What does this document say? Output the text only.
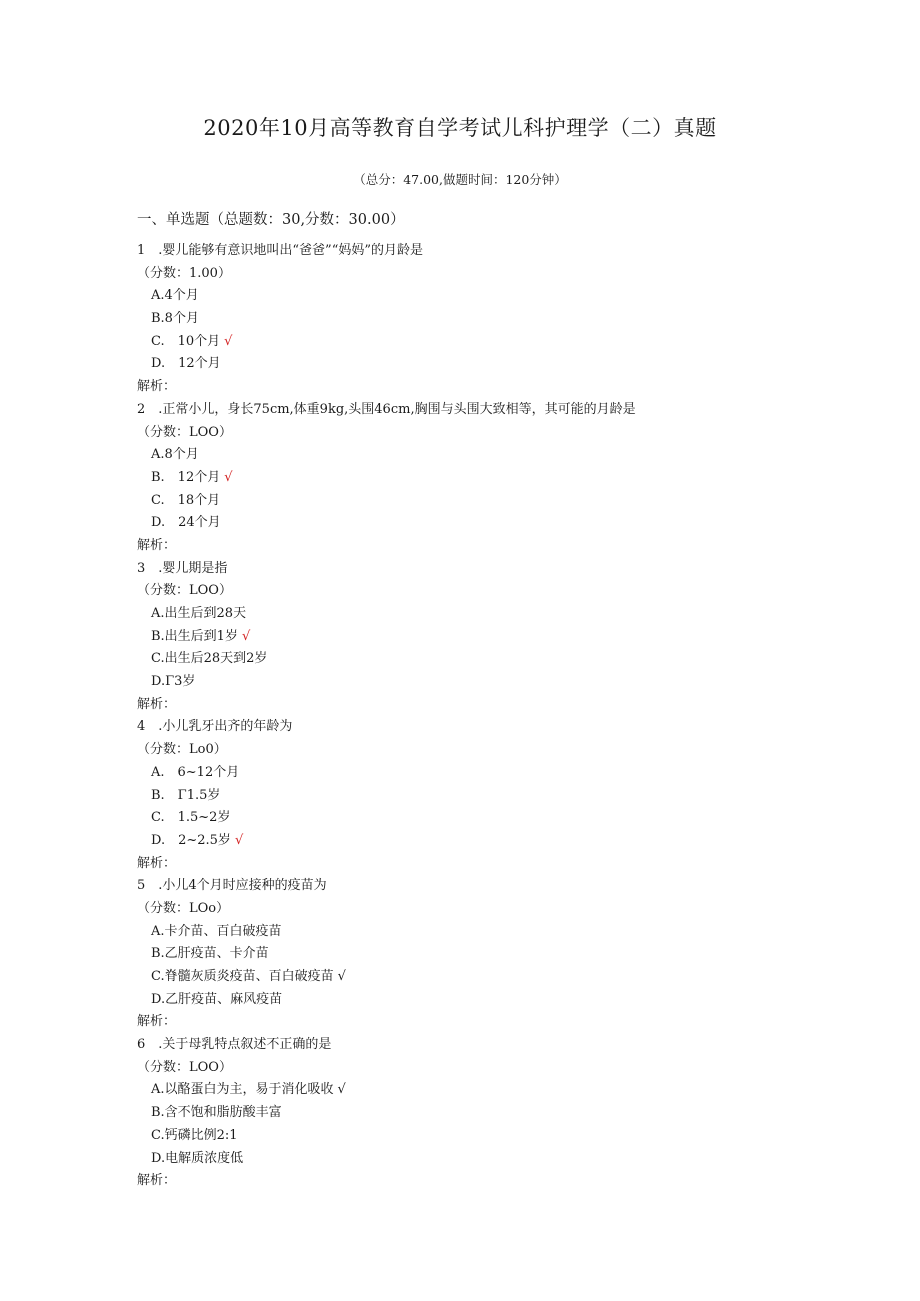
2020年10月高等教育自学考试儿科护理学（二）真题
（总分：47.00,做题时间：120分钟）
一、单选题（总题数：30,分数：30.00）
1　.婴儿能够有意识地叫出“爸爸”“妈妈”的月龄是
（分数：1.00）
A.4个月
B.8个月
C.　10个月 √
D.　12个月
解析：
2　.正常小儿，身长75cm,体重9kg,头围46cm,胸围与头围大致相等，其可能的月龄是
（分数：LOO）
A.8个月
B.　12个月 √
C.　18个月
D.　24个月
解析：
3　.婴儿期是指
（分数：LOO）
A.出生后到28天
B.出生后到1岁 √
C.出生后28天到2岁
D.Γ3岁
解析：
4　.小儿乳牙出齐的年龄为
（分数：Lo0）
A.　6~12个月
B.　Γ1.5岁
C.　1.5~2岁
D.　2~2.5岁 √
解析：
5　.小儿4个月时应接种的疫苗为
（分数：LOo）
A.卡介苗、百白破疫苗
B.乙肝疫苗、卡介苗
C.脊髓灰质炎疫苗、百白破疫苗 √
D.乙肝疫苗、麻风疫苗
解析：
6　.关于母乳特点叙述不正确的是
（分数：LOO）
A.以酪蛋白为主，易于消化吸收 √
B.含不饱和脂肪酸丰富
C.钙磷比例2:1
D.电解质浓度低
解析：
